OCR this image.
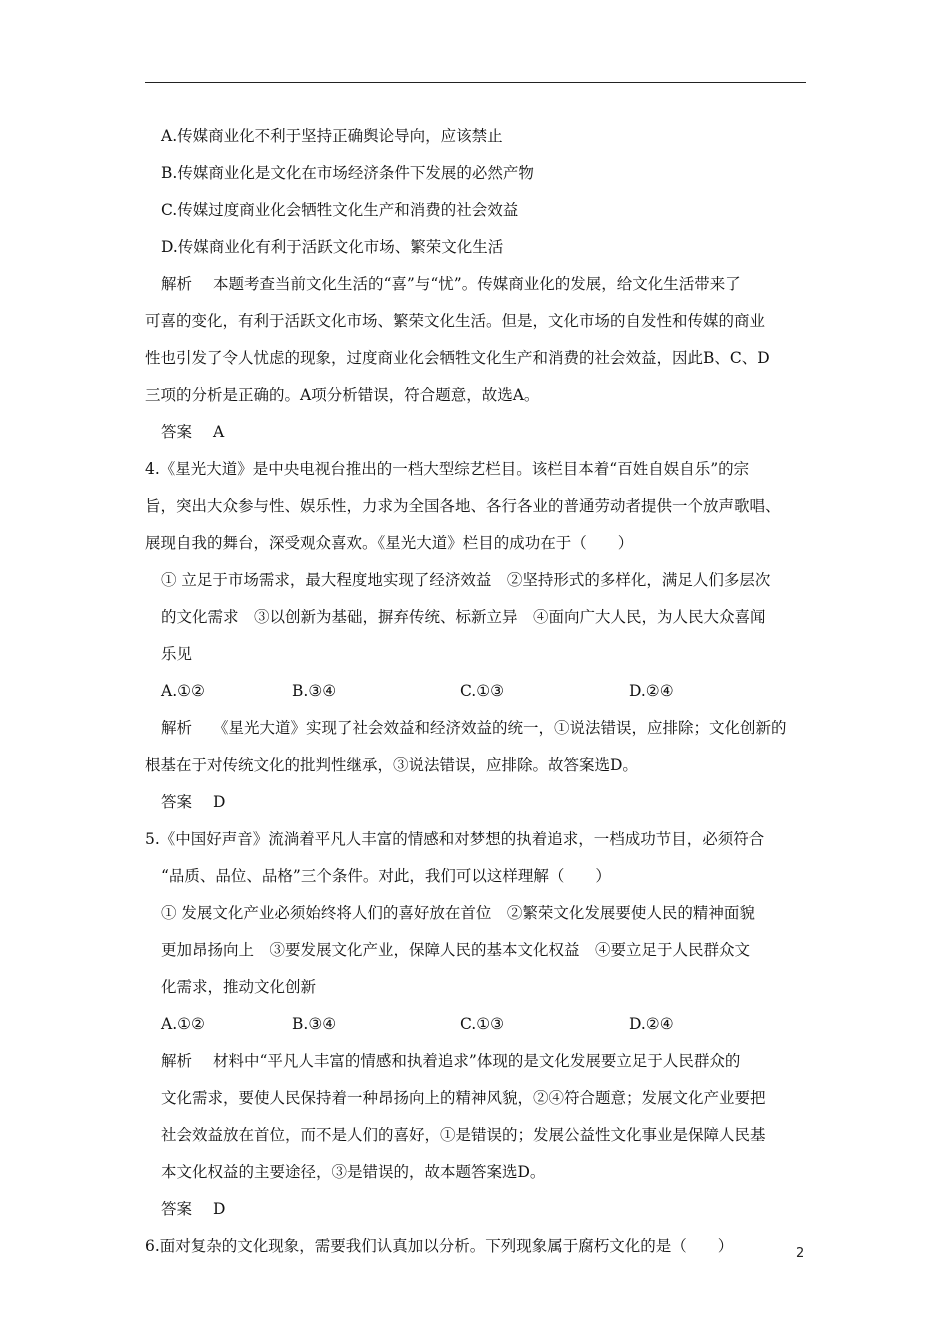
A.传媒商业化不利于坚持正确舆论导向，应该禁止
B.传媒商业化是文化在市场经济条件下发展的必然产物
C.传媒过度商业化会牺牲文化生产和消费的社会效益
D.传媒商业化有利于活跃文化市场、繁荣文化生活
解析 本题考查当前文化生活的“喜”与“忧”。传媒商业化的发展，给文化生活带来了
可喜的变化，有利于活跃文化市场、繁荣文化生活。但是，文化市场的自发性和传媒的商业
性也引发了令人忧虑的现象，过度商业化会牺牲文化生产和消费的社会效益，因此B、C、D
三项的分析是正确的。A项分析错误，符合题意，故选A。
答案 A
4.《星光大道》是中央电视台推出的一档大型综艺栏目。该栏目本着“百姓自娱自乐”的宗
旨，突出大众参与性、娱乐性，力求为全国各地、各行各业的普通劳动者提供一个放声歌唱、
展现自我的舞台，深受观众喜欢。《星光大道》栏目的成功在于（　　）
① 立足于市场需求，最大程度地实现了经济效益　②坚持形式的多样化，满足人们多层次
的文化需求　③以创新为基础，摒弃传统、标新立异　④面向广大人民，为人民大众喜闻
乐见
A.①②	B.③④	C.①③	D.②④
解析 《星光大道》实现了社会效益和经济效益的统一，①说法错误，应排除；文化创新的
根基在于对传统文化的批判性继承，③说法错误，应排除。故答案选D。
答案 D
5.《中国好声音》流淌着平凡人丰富的情感和对梦想的执着追求，一档成功节目，必须符合
“品质、品位、品格”三个条件。对此，我们可以这样理解（　　）
① 发展文化产业必须始终将人们的喜好放在首位　②繁荣文化发展要使人民的精神面貌
更加昂扬向上　③要发展文化产业，保障人民的基本文化权益　④要立足于人民群众文
化需求，推动文化创新
A.①②	B.③④	C.①③	D.②④
解析 材料中“平凡人丰富的情感和执着追求”体现的是文化发展要立足于人民群众的
文化需求，要使人民保持着一种昂扬向上的精神风貌，②④符合题意；发展文化产业要把
社会效益放在首位，而不是人们的喜好，①是错误的；发展公益性文化事业是保障人民基
本文化权益的主要途径，③是错误的，故本题答案选D。
答案 D
6.面对复杂的文化现象，需要我们认真加以分析。下列现象属于腐朽文化的是（　　）	2
